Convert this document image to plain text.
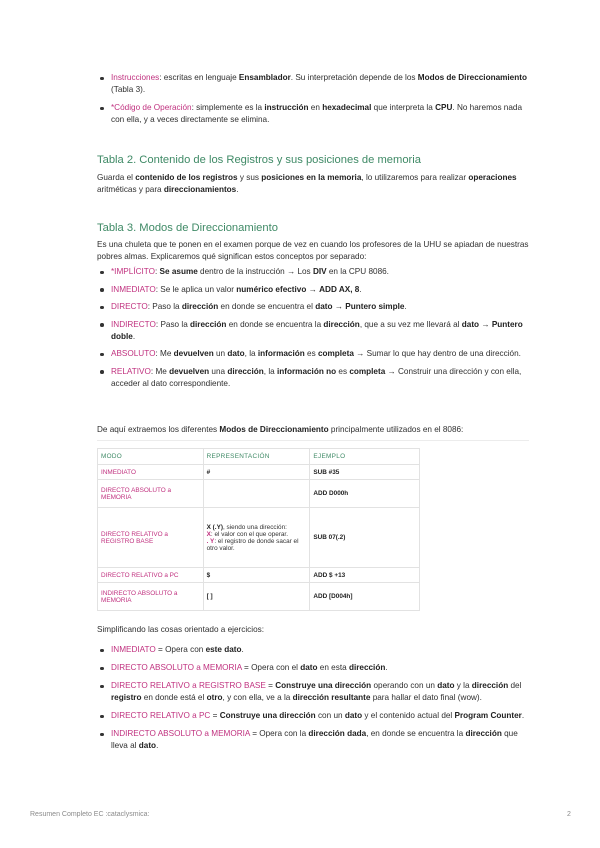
Instrucciones: escritas en lenguaje Ensamblador. Su interpretación depende de los Modos de Direccionamiento (Tabla 3).
*Código de Operación: simplemente es la instrucción en hexadecimal que interpreta la CPU. No haremos nada con ella, y a veces directamente se elimina.
Tabla 2. Contenido de los Registros y sus posiciones de memoria
Guarda el contenido de los registros y sus posiciones en la memoria, lo utilizaremos para realizar operaciones aritméticas y para direccionamientos.
Tabla 3. Modos de Direccionamiento
Es una chuleta que te ponen en el examen porque de vez en cuando los profesores de la UHU se apiadan de nuestras pobres almas. Explicaremos qué significan estos conceptos por separado:
*IMPLÍCITO: Se asume dentro de la instrucción → Los DIV en la CPU 8086.
INMEDIATO: Se le aplica un valor numérico efectivo → ADD AX, 8.
DIRECTO: Paso la dirección en donde se encuentra el dato → Puntero simple.
INDIRECTO: Paso la dirección en donde se encuentra la dirección, que a su vez me llevará al dato → Puntero doble.
ABSOLUTO: Me devuelven un dato, la información es completa → Sumar lo que hay dentro de una dirección.
RELATIVO: Me devuelven una dirección, la información no es completa → Construir una dirección y con ella, acceder al dato correspondiente.
De aquí extraemos los diferentes Modos de Direccionamiento principalmente utilizados en el 8086:
MODO	REPRESENTACIÓN	EJEMPLO
INMEDIATO	#	SUB #35
DIRECTO ABSOLUTO a MEMORIA		ADD D000h
DIRECTO RELATIVO a REGISTRO BASE	X (.Y), siendo una dirección:
X: el valor con el que operar.
. Y: el registro de donde sacar el otro valor.	SUB 07(.2)
DIRECTO RELATIVO a PC	$	ADD $ +13
INDIRECTO ABSOLUTO a MEMORIA	[ ]	ADD [D004h]
Simplificando las cosas orientado a ejercicios:
INMEDIATO = Opera con este dato.
DIRECTO ABSOLUTO a MEMORIA = Opera con el dato en esta dirección.
DIRECTO RELATIVO a REGISTRO BASE = Construye una dirección operando con un dato y la dirección del registro en donde está el otro, y con ella, ve a la dirección resultante para hallar el dato final (wow).
DIRECTO RELATIVO a PC = Construye una dirección con un dato y el contenido actual del Program Counter.
INDIRECTO ABSOLUTO a MEMORIA = Opera con la dirección dada, en donde se encuentra la dirección que lleva al dato.
Resumen Completo EC :cataclysmica:	2
